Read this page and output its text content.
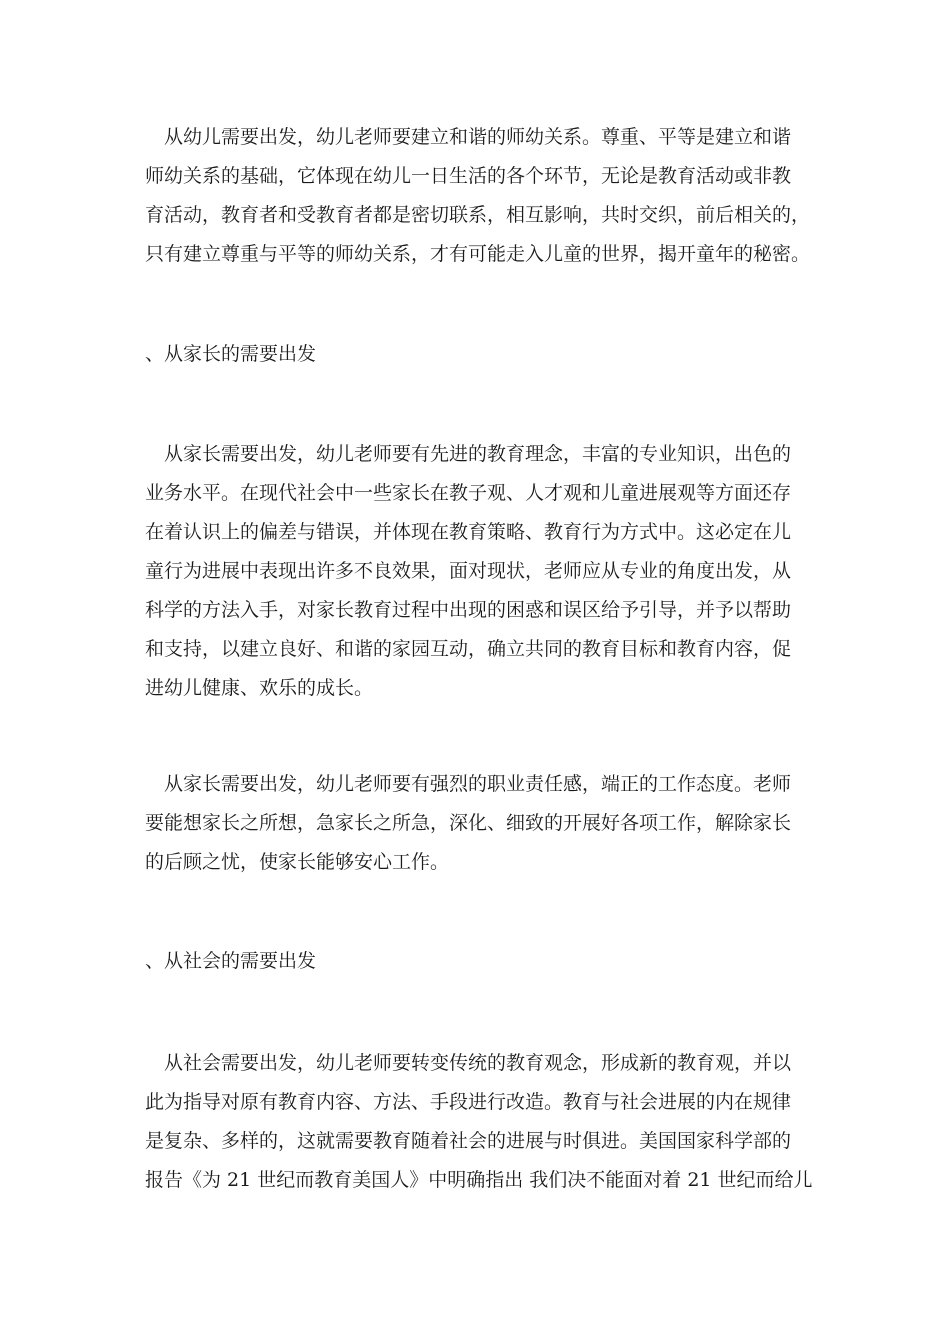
　从幼儿需要出发，幼儿老师要建立和谐的师幼关系。尊重、平等是建立和谐
师幼关系的基础，它体现在幼儿一日生活的各个环节，无论是教育活动或非教
育活动，教育者和受教育者都是密切联系，相互影响，共时交织，前后相关的，
只有建立尊重与平等的师幼关系，才有可能走入儿童的世界，揭开童年的秘密。

、从家长的需要出发

　从家长需要出发，幼儿老师要有先进的教育理念，丰富的专业知识，出色的
业务水平。在现代社会中一些家长在教子观、人才观和儿童进展观等方面还存
在着认识上的偏差与错误，并体现在教育策略、教育行为方式中。这必定在儿
童行为进展中表现出许多不良效果，面对现状，老师应从专业的角度出发，从
科学的方法入手，对家长教育过程中出现的困惑和误区给予引导，并予以帮助
和支持，以建立良好、和谐的家园互动，确立共同的教育目标和教育内容，促
进幼儿健康、欢乐的成长。

　从家长需要出发，幼儿老师要有强烈的职业责任感，端正的工作态度。老师
要能想家长之所想，急家长之所急，深化、细致的开展好各项工作，解除家长
的后顾之忧，使家长能够安心工作。

、从社会的需要出发

　从社会需要出发，幼儿老师要转变传统的教育观念，形成新的教育观，并以
此为指导对原有教育内容、方法、手段进行改造。教育与社会进展的内在规律
是复杂、多样的，这就需要教育随着社会的进展与时俱进。美国国家科学部的
报告《为 21 世纪而教育美国人》中明确指出 我们决不能面对着 21 世纪而给儿
